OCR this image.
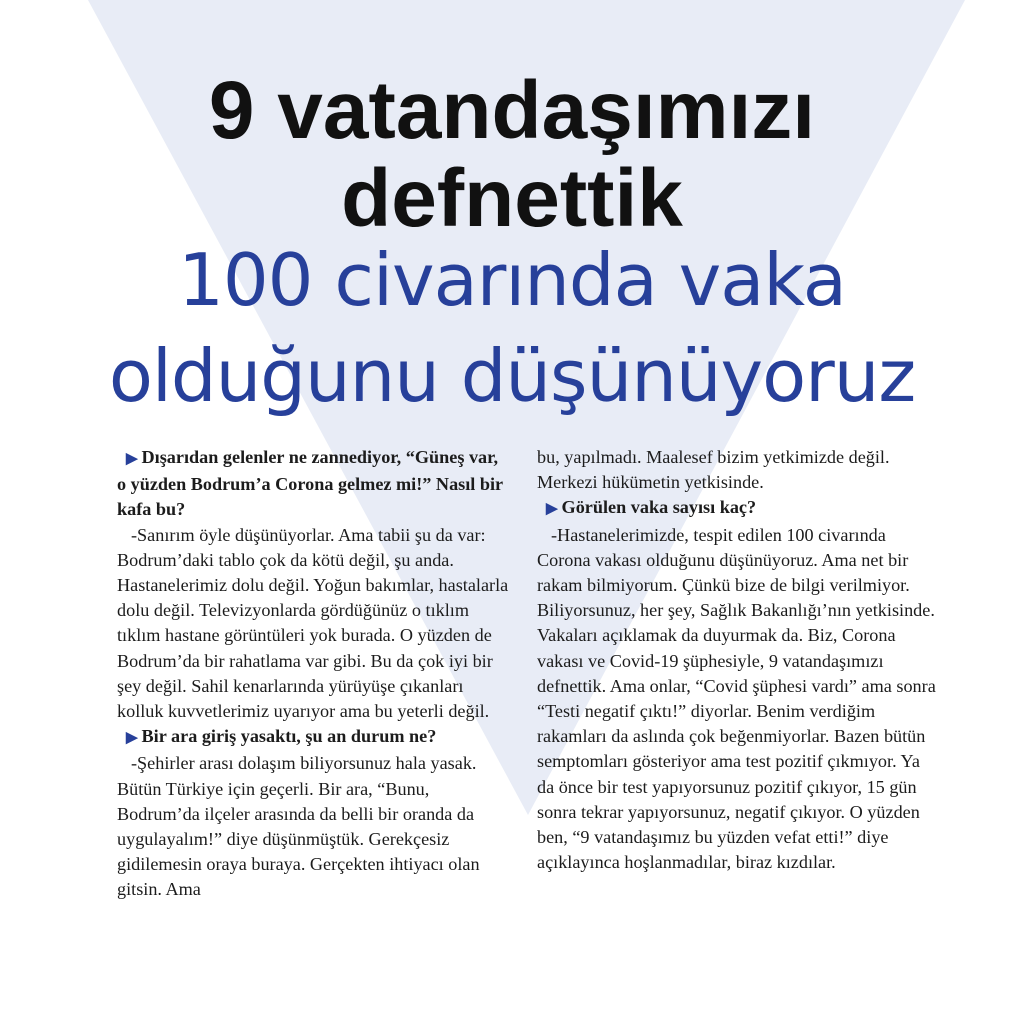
9 vatandaşımızı
defnettik
100 civarında vaka
olduğunu düşünüyoruz

▶ Dışarıdan gelenler ne zannediyor, “Güneş var, o yüzden Bodrum’a Corona gelmez mi!” Nasıl bir kafa bu?

-Sanırım öyle düşünüyorlar. Ama tabii şu da var: Bodrum’daki tablo çok da kötü değil, şu anda. Hastanelerimiz dolu değil. Yoğun bakımlar, hastalarla dolu değil. Televizyonlarda gördüğünüz o tıklım tıklım hastane görüntüleri yok burada. O yüzden de Bodrum’da bir rahatlama var gibi. Bu da çok iyi bir şey değil. Sahil kenarlarında yürüyüşe çıkanları kolluk kuvvetlerimiz uyarıyor ama bu yeterli değil.

▶ Bir ara giriş yasaktı, şu an durum ne?

-Şehirler arası dolaşım biliyorsunuz hala yasak. Bütün Türkiye için geçerli. Bir ara, “Bunu, Bodrum’da ilçeler arasında da belli bir oranda da uygulayalım!” diye düşünmüştük. Gerekçesiz gidilemesin oraya buraya. Gerçekten ihtiyacı olan gitsin. Ama

bu, yapılmadı. Maalesef bizim yetkimizde değil. Merkezi hükümetin yetkisinde.

▶ Görülen vaka sayısı kaç?

-Hastanelerimizde, tespit edilen 100 civarında Corona vakası olduğunu düşünüyoruz. Ama net bir rakam bilmiyorum. Çünkü bize de bilgi verilmiyor. Biliyorsunuz, her şey, Sağlık Bakanlığı’nın yetkisinde. Vakaları açıklamak da duyurmak da. Biz, Corona vakası ve Covid-19 şüphesiyle, 9 vatandaşımızı defnettik. Ama onlar, “Covid şüphesi vardı” ama sonra “Testi negatif çıktı!” diyorlar. Benim verdiğim rakamları da aslında çok beğenmiyorlar. Bazen bütün semptomları gösteriyor ama test pozitif çıkmıyor. Ya da önce bir test yapıyorsunuz pozitif çıkıyor, 15 gün sonra tekrar yapıyorsunuz, negatif çıkıyor. O yüzden ben, “9 vatandaşımız bu yüzden vefat etti!” diye açıklayınca hoşlanmadılar, biraz kızdılar.
